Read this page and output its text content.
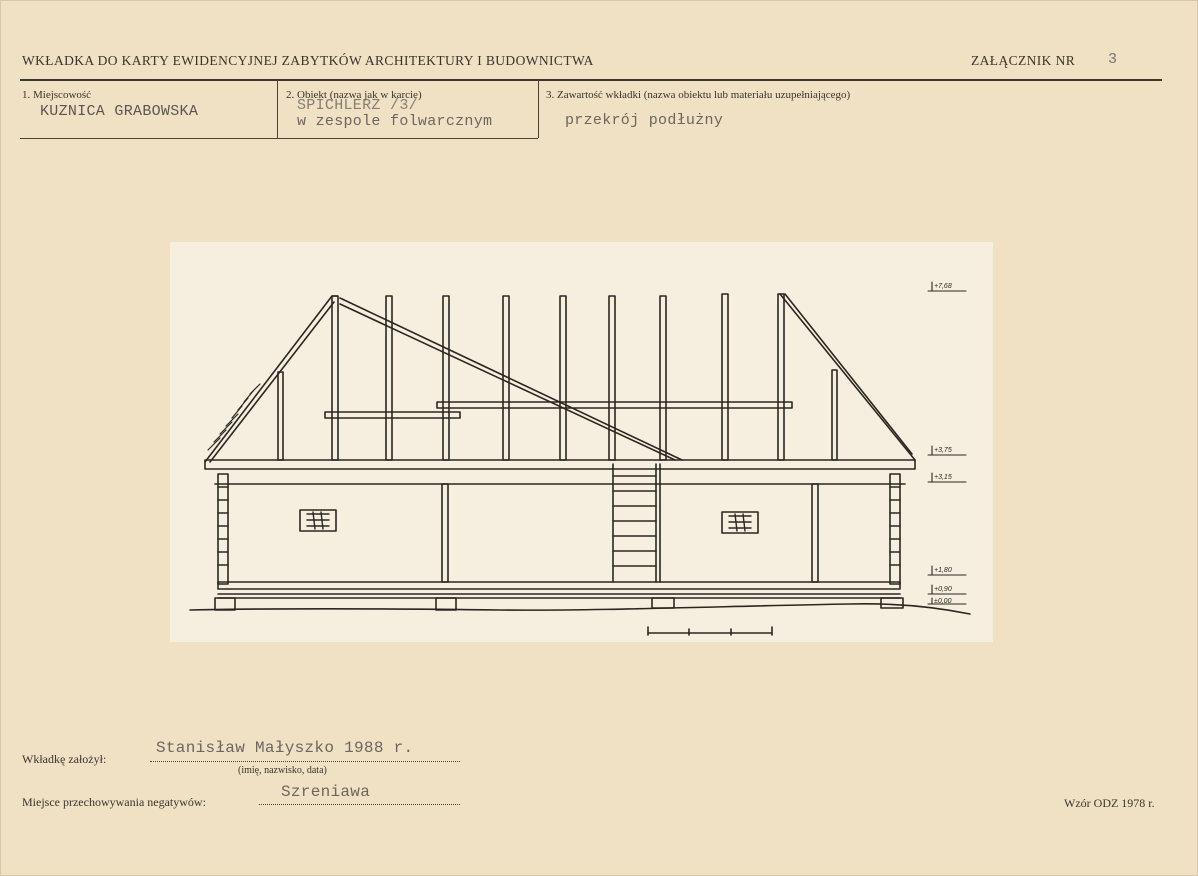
WKŁADKA DO KARTY EWIDENCYJNEJ ZABYTKÓW ARCHITEKTURY I BUDOWNICTWA	ZAŁĄCZNIK NR 3
1. Miejscowość
KUZNICA GRABOWSKA
2. Obiekt (nazwa jak w karcie)
SPICHLERZ /3/
w zespole folwarcznym
3. Zawartość wkładki (nazwa obiektu lub materiału uzupełniającego)
przekrój podłużny
+7,68
+3,75
+3,15
+1,80
+0,90
±0,00
Wkładkę założył:
Stanisław Małyszko 1988 r.
(imię, nazwisko, data)
Miejsce przechowywania negatywów:
Szreniawa
Wzór ODZ 1978 r.
